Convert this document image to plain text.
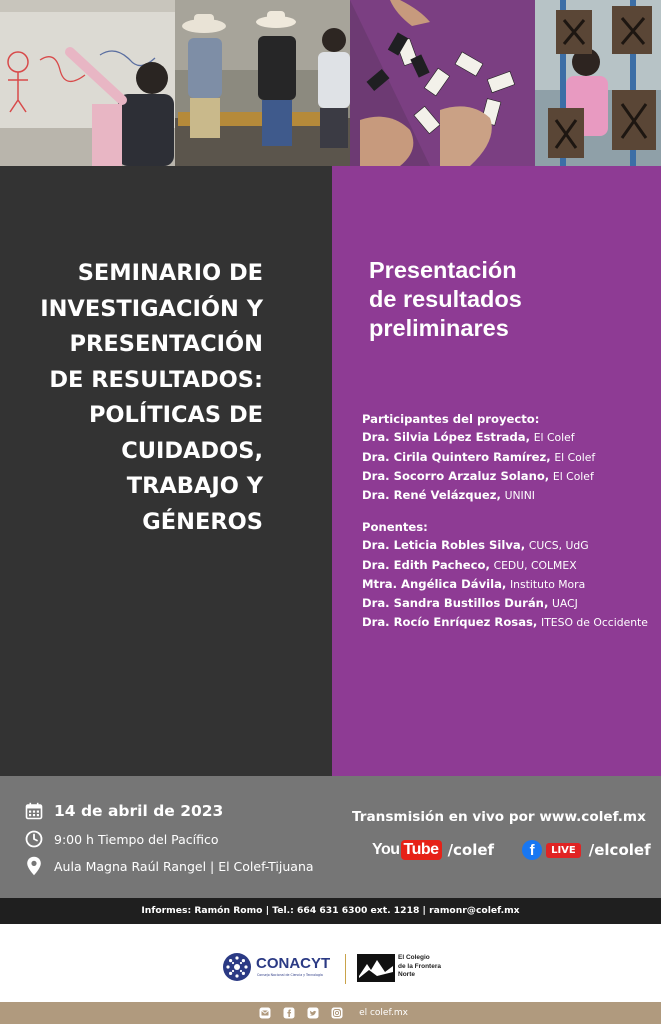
SEMINARIO DE
INVESTIGACIÓN Y
PRESENTACIÓN
DE RESULTADOS:
POLÍTICAS DE
CUIDADOS,
TRABAJO Y
GÉNEROS
Presentación
de resultados
preliminares
Participantes del proyecto:
Dra. Silvia López Estrada, El Colef
Dra. Cirila Quintero Ramírez, El Colef
Dra. Socorro Arzaluz Solano, El Colef
Dra. René Velázquez, UNINI
Ponentes:
Dra. Leticia Robles Silva, CUCS, UdG
Dra. Edith Pacheco, CEDU, COLMEX
Mtra. Angélica Dávila, Instituto Mora
Dra. Sandra Bustillos Durán, UACJ
Dra. Rocío Enríquez Rosas, ITESO de Occidente
14 de abril de 2023
9:00 h Tiempo del Pacífico
Aula Magna Raúl Rangel | El Colef-Tijuana
Transmisión en vivo por www.colef.mx
You Tube /colef	f	LIVE /elcolef
Informes: Ramón Romo | Tel.: 664 631 6300 ext. 1218 | ramonr@colef.mx
CONACYT
Consejo Nacional de Ciencia y Tecnología
El Colegio
de la Frontera
Norte
el colef.mx
